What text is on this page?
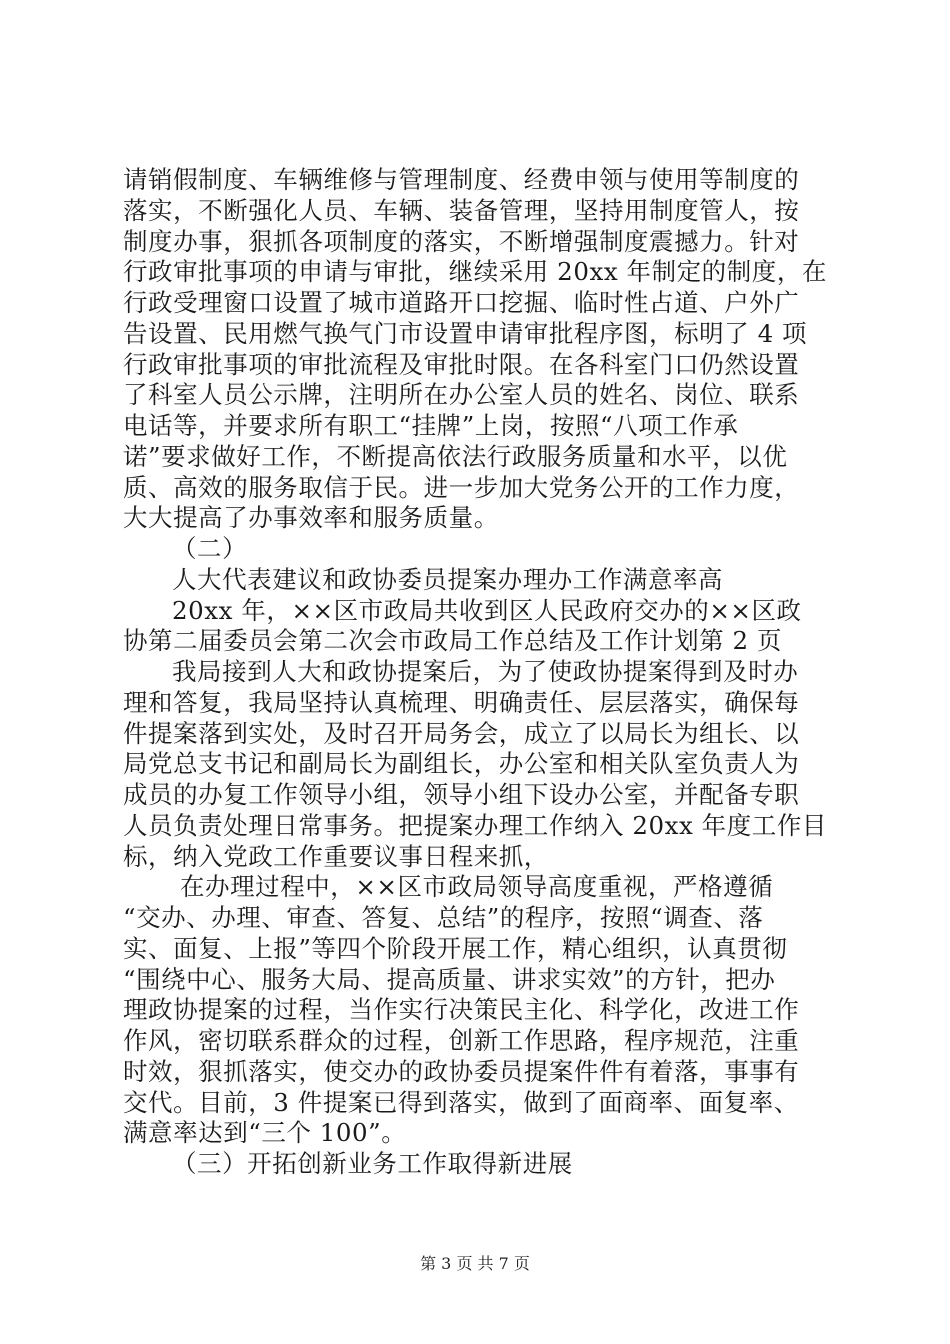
请销假制度、车辆维修与管理制度、经费申领与使用等制度的
落实，不断强化人员、车辆、装备管理，坚持用制度管人，按
制度办事，狠抓各项制度的落实，不断增强制度震撼力。针对
行政审批事项的申请与审批，继续采用 20xx 年制定的制度，在
行政受理窗口设置了城市道路开口挖掘、临时性占道、户外广
告设置、民用燃气换气门市设置申请审批程序图，标明了 4 项
行政审批事项的审批流程及审批时限。在各科室门口仍然设置
了科室人员公示牌，注明所在办公室人员的姓名、岗位、联系
电话等，并要求所有职工“挂牌”上岗，按照“八项工作承
诺”要求做好工作，不断提高依法行政服务质量和水平，以优
质、高效的服务取信于民。进一步加大党务公开的工作力度，
大大提高了办事效率和服务质量。
（二）
人大代表建议和政协委员提案办理办工作满意率高
20xx 年，××区市政局共收到区人民政府交办的××区政
协第二届委员会第二次会市政局工作总结及工作计划第 2 页
我局接到人大和政协提案后，为了使政协提案得到及时办
理和答复，我局坚持认真梳理、明确责任、层层落实，确保每
件提案落到实处，及时召开局务会，成立了以局长为组长、以
局党总支书记和副局长为副组长，办公室和相关队室负责人为
成员的办复工作领导小组，领导小组下设办公室，并配备专职
人员负责处理日常事务。把提案办理工作纳入 20xx 年度工作目
标，纳入党政工作重要议事日程来抓，
在办理过程中，××区市政局领导高度重视，严格遵循
“交办、办理、审查、答复、总结”的程序，按照“调查、落
实、面复、上报”等四个阶段开展工作，精心组织，认真贯彻
“围绕中心、服务大局、提高质量、讲求实效”的方针，把办
理政协提案的过程，当作实行决策民主化、科学化，改进工作
作风，密切联系群众的过程，创新工作思路，程序规范，注重
时效，狠抓落实，使交办的政协委员提案件件有着落，事事有
交代。目前，3 件提案已得到落实，做到了面商率、面复率、
满意率达到“三个 100”。
（三）开拓创新业务工作取得新进展
第 3 页 共 7 页
